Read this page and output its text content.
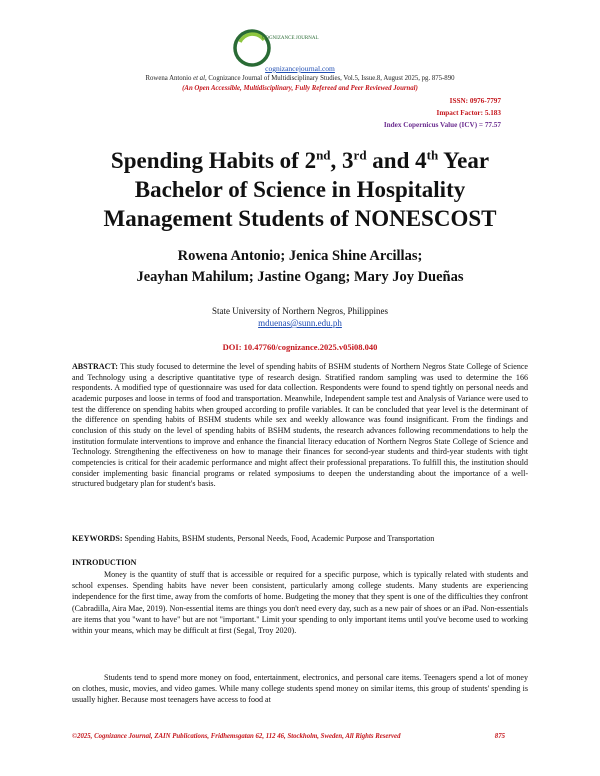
COGNIZANCE JOURNAL
cognizancejournal.com
Rowena Antonio et al, Cognizance Journal of Multidisciplinary Studies, Vol.5, Issue.8, August 2025, pg. 875-890
(An Open Accessible, Multidisciplinary, Fully Refereed and Peer Reviewed Journal)
ISSN: 0976-7797
Impact Factor: 5.183
Index Copernicus Value (ICV) = 77.57
Spending Habits of 2nd, 3rd and 4th Year
Bachelor of Science in Hospitality
Management Students of NONESCOST
Rowena Antonio; Jenica Shine Arcillas;
Jeayhan Mahilum; Jastine Ogang; Mary Joy Dueñas
State University of Northern Negros, Philippines
mduenas@sunn.edu.ph
DOI: 10.47760/cognizance.2025.v05i08.040
ABSTRACT: This study focused to determine the level of spending habits of BSHM students of Northern Negros State College of Science and Technology using a descriptive quantitative type of research design. Stratified random sampling was used to determine the 166 respondents. A modified type of questionnaire was used for data collection. Respondents were found to spend tightly on personal needs and academic purposes and loose in terms of food and transportation. Meanwhile, Independent sample test and Analysis of Variance were used to test the difference on spending habits when grouped according to profile variables. It can be concluded that year level is the determinant of the difference on spending habits of BSHM students while sex and weekly allowance was found insignificant. From the findings and conclusion of this study on the level of spending habits of BSHM students, the research advances following recommendations to help the institution formulate interventions to improve and enhance the financial literacy education of Northern Negros State College of Science and Technology. Strengthening the effectiveness on how to manage their finances for second-year students and third-year students with tight competencies is critical for their academic performance and might affect their professional preparations. To fulfill this, the institution should consider implementing basic financial programs or related symposiums to deepen the understanding about the importance of a well-structured budgetary plan for student's basis.
KEYWORDS: Spending Habits, BSHM students, Personal Needs, Food, Academic Purpose and Transportation
INTRODUCTION
Money is the quantity of stuff that is accessible or required for a specific purpose, which is typically related with students and school expenses. Spending habits have never been consistent, particularly among college students. Many students are experiencing independence for the first time, away from the comforts of home. Budgeting the money that they spent is one of the difficulties they confront (Cabradilla, Aira Mae, 2019). Non-essential items are things you don't need every day, such as a new pair of shoes or an iPad. Non-essentials are items that you "want to have" but are not "important." Limit your spending to only important items until you've become used to working within your means, which may be difficult at first (Segal, Troy 2020).
Students tend to spend more money on food, entertainment, electronics, and personal care items. Teenagers spend a lot of money on clothes, music, movies, and video games. While many college students spend money on similar items, this group of students' spending is usually higher. Because most teenagers have access to food at
©2025, Cognizance Journal, ZAIN Publications, Fridhemsgatan 62, 112 46, Stockholm, Sweden, All Rights Reserved	875
